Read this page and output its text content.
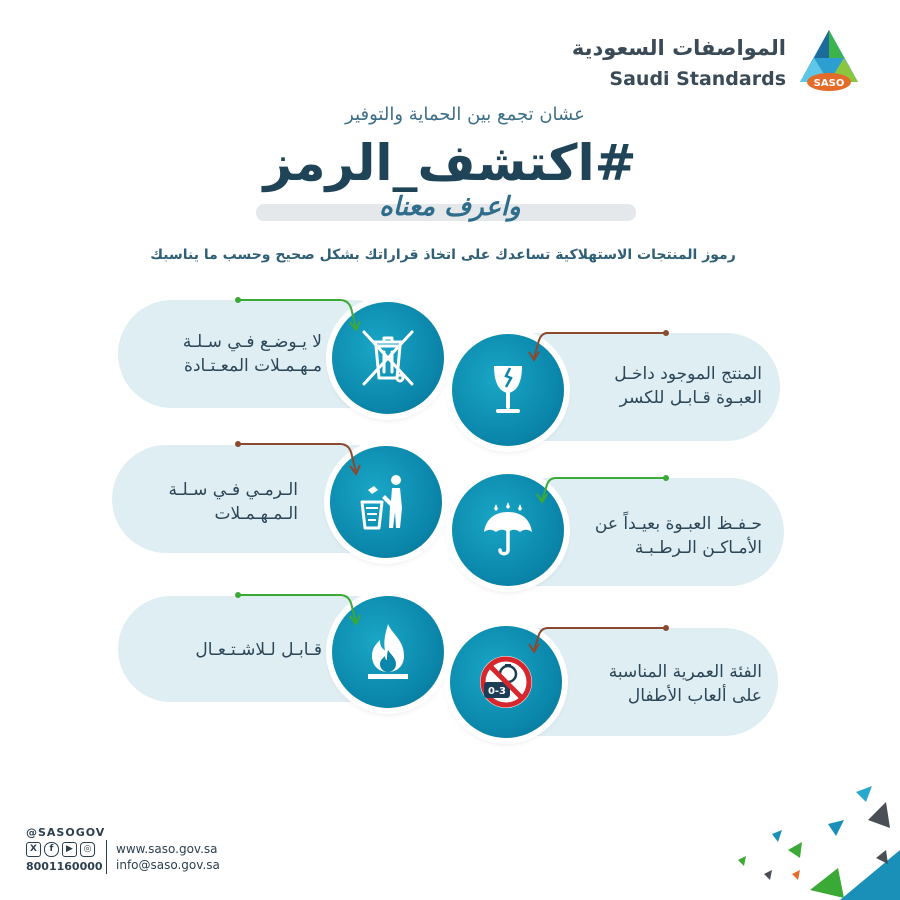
المواصفات السعودية
Saudi Standards	SASO
عشان تجمع بين الحماية والتوفير
#اكتشف_الرمز
واعرف معناه
رموز المنتجات الاستهلاكية تساعدك على اتخاذ قراراتك بشكل صحيح وحسب ما يناسبك
لا يـوضـع فـي سـلـة
مـهـمـلات المعـتـادة	المنتج الموجود داخـل
العبـوة قـابـل للكسر
الـرمـي فـي سـلـة
الـمـهـمـلات	حـفـظ العبـوة بعيـداً عن
الأمـاكـن الـرطـبـة
قـابـل لـلاشـتـعـال
الفئة العمرية المناسبة
على ألعاب الأطفال
0-3
@SASOGOV
X f ▶ ◎
8001160000
www.saso.gov.sa
info@saso.gov.sa
